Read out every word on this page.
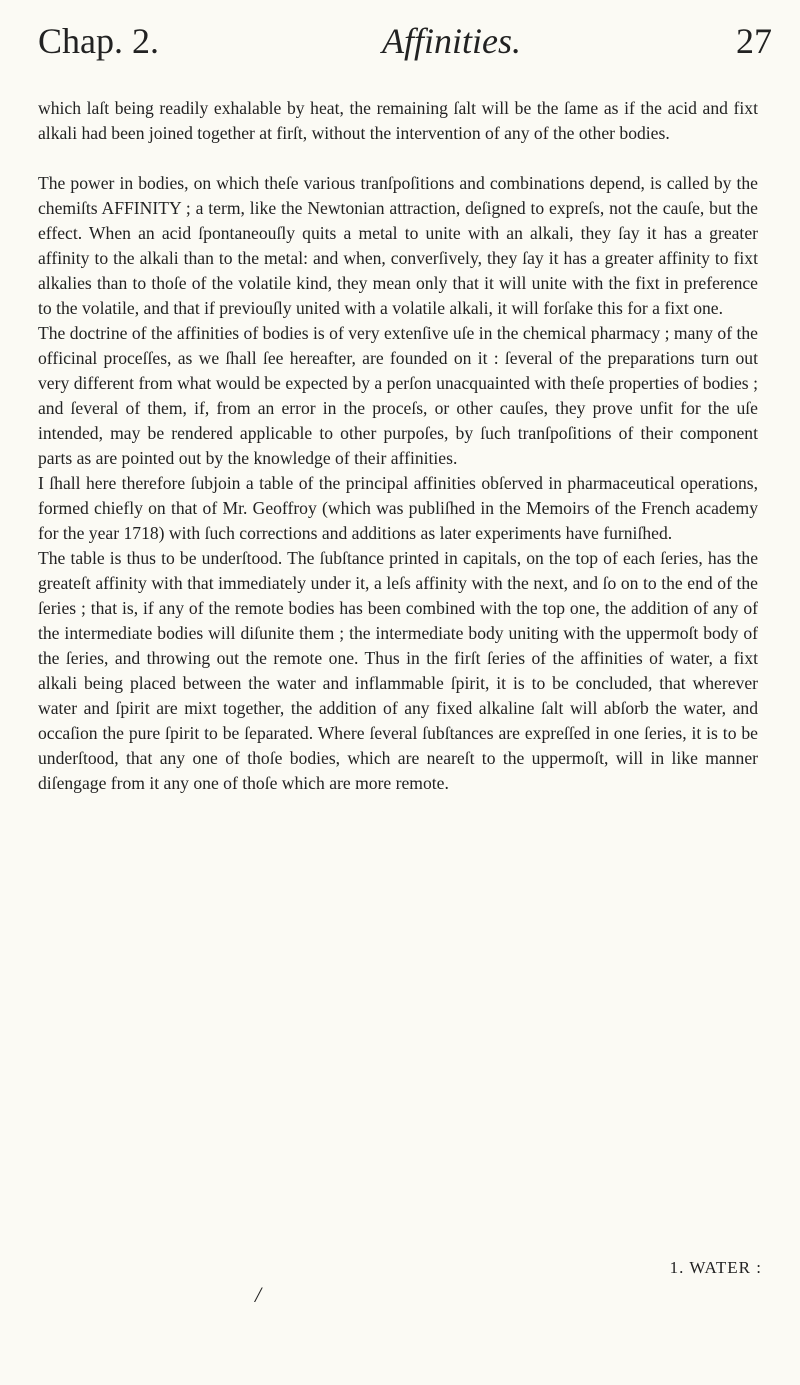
Chap. 2.	Affinities.	27

which laſt being readily exhalable by heat, the remaining ſalt will be the ſame as if the acid and fixt alkali had been joined together at firſt, without the intervention of any of the other bodies.

The power in bodies, on which theſe various tranſpoſitions and combinations depend, is called by the chemiſts AFFINITY ; a term, like the Newtonian attraction, deſigned to expreſs, not the cauſe, but the effect. When an acid ſpontaneouſly quits a metal to unite with an alkali, they ſay it has a greater affinity to the alkali than to the metal: and when, converſively, they ſay it has a greater affinity to fixt alkalies than to thoſe of the volatile kind, they mean only that it will unite with the fixt in preference to the volatile, and that if previouſly united with a volatile alkali, it will forſake this for a fixt one.

The doctrine of the affinities of bodies is of very extenſive uſe in the chemical pharmacy ; many of the officinal proceſſes, as we ſhall ſee hereafter, are founded on it : ſeveral of the preparations turn out very different from what would be expected by a perſon unacquainted with theſe properties of bodies ; and ſeveral of them, if, from an error in the proceſs, or other cauſes, they prove unfit for the uſe intended, may be rendered applicable to other purpoſes, by ſuch tranſpoſitions of their component parts as are pointed out by the knowledge of their affinities.

I ſhall here therefore ſubjoin a table of the principal affinities obſerved in pharmaceutical operations, formed chiefly on that of Mr. Geoffroy (which was publiſhed in the Memoirs of the French academy for the year 1718) with ſuch corrections and additions as later experiments have furniſhed.

The table is thus to be underſtood. The ſubſtance printed in capitals, on the top of each ſeries, has the greateſt affinity with that immediately under it, a leſs affinity with the next, and ſo on to the end of the ſeries ; that is, if any of the remote bodies has been combined with the top one, the addition of any of the intermediate bodies will diſunite them ; the intermediate body uniting with the uppermoſt body of the ſeries, and throwing out the remote one. Thus in the firſt ſeries of the affinities of water, a fixt alkali being placed between the water and inflammable ſpirit, it is to be concluded, that wherever water and ſpirit are mixt together, the addition of any fixed alkaline ſalt will abſorb the water, and occaſion the pure ſpirit to be ſeparated. Where ſeveral ſubſtances are expreſſed in one ſeries, it is to be underſtood, that any one of thoſe bodies, which are neareſt to the uppermoſt, will in like manner diſengage from it any one of thoſe which are more remote.

1. WATER :
/
